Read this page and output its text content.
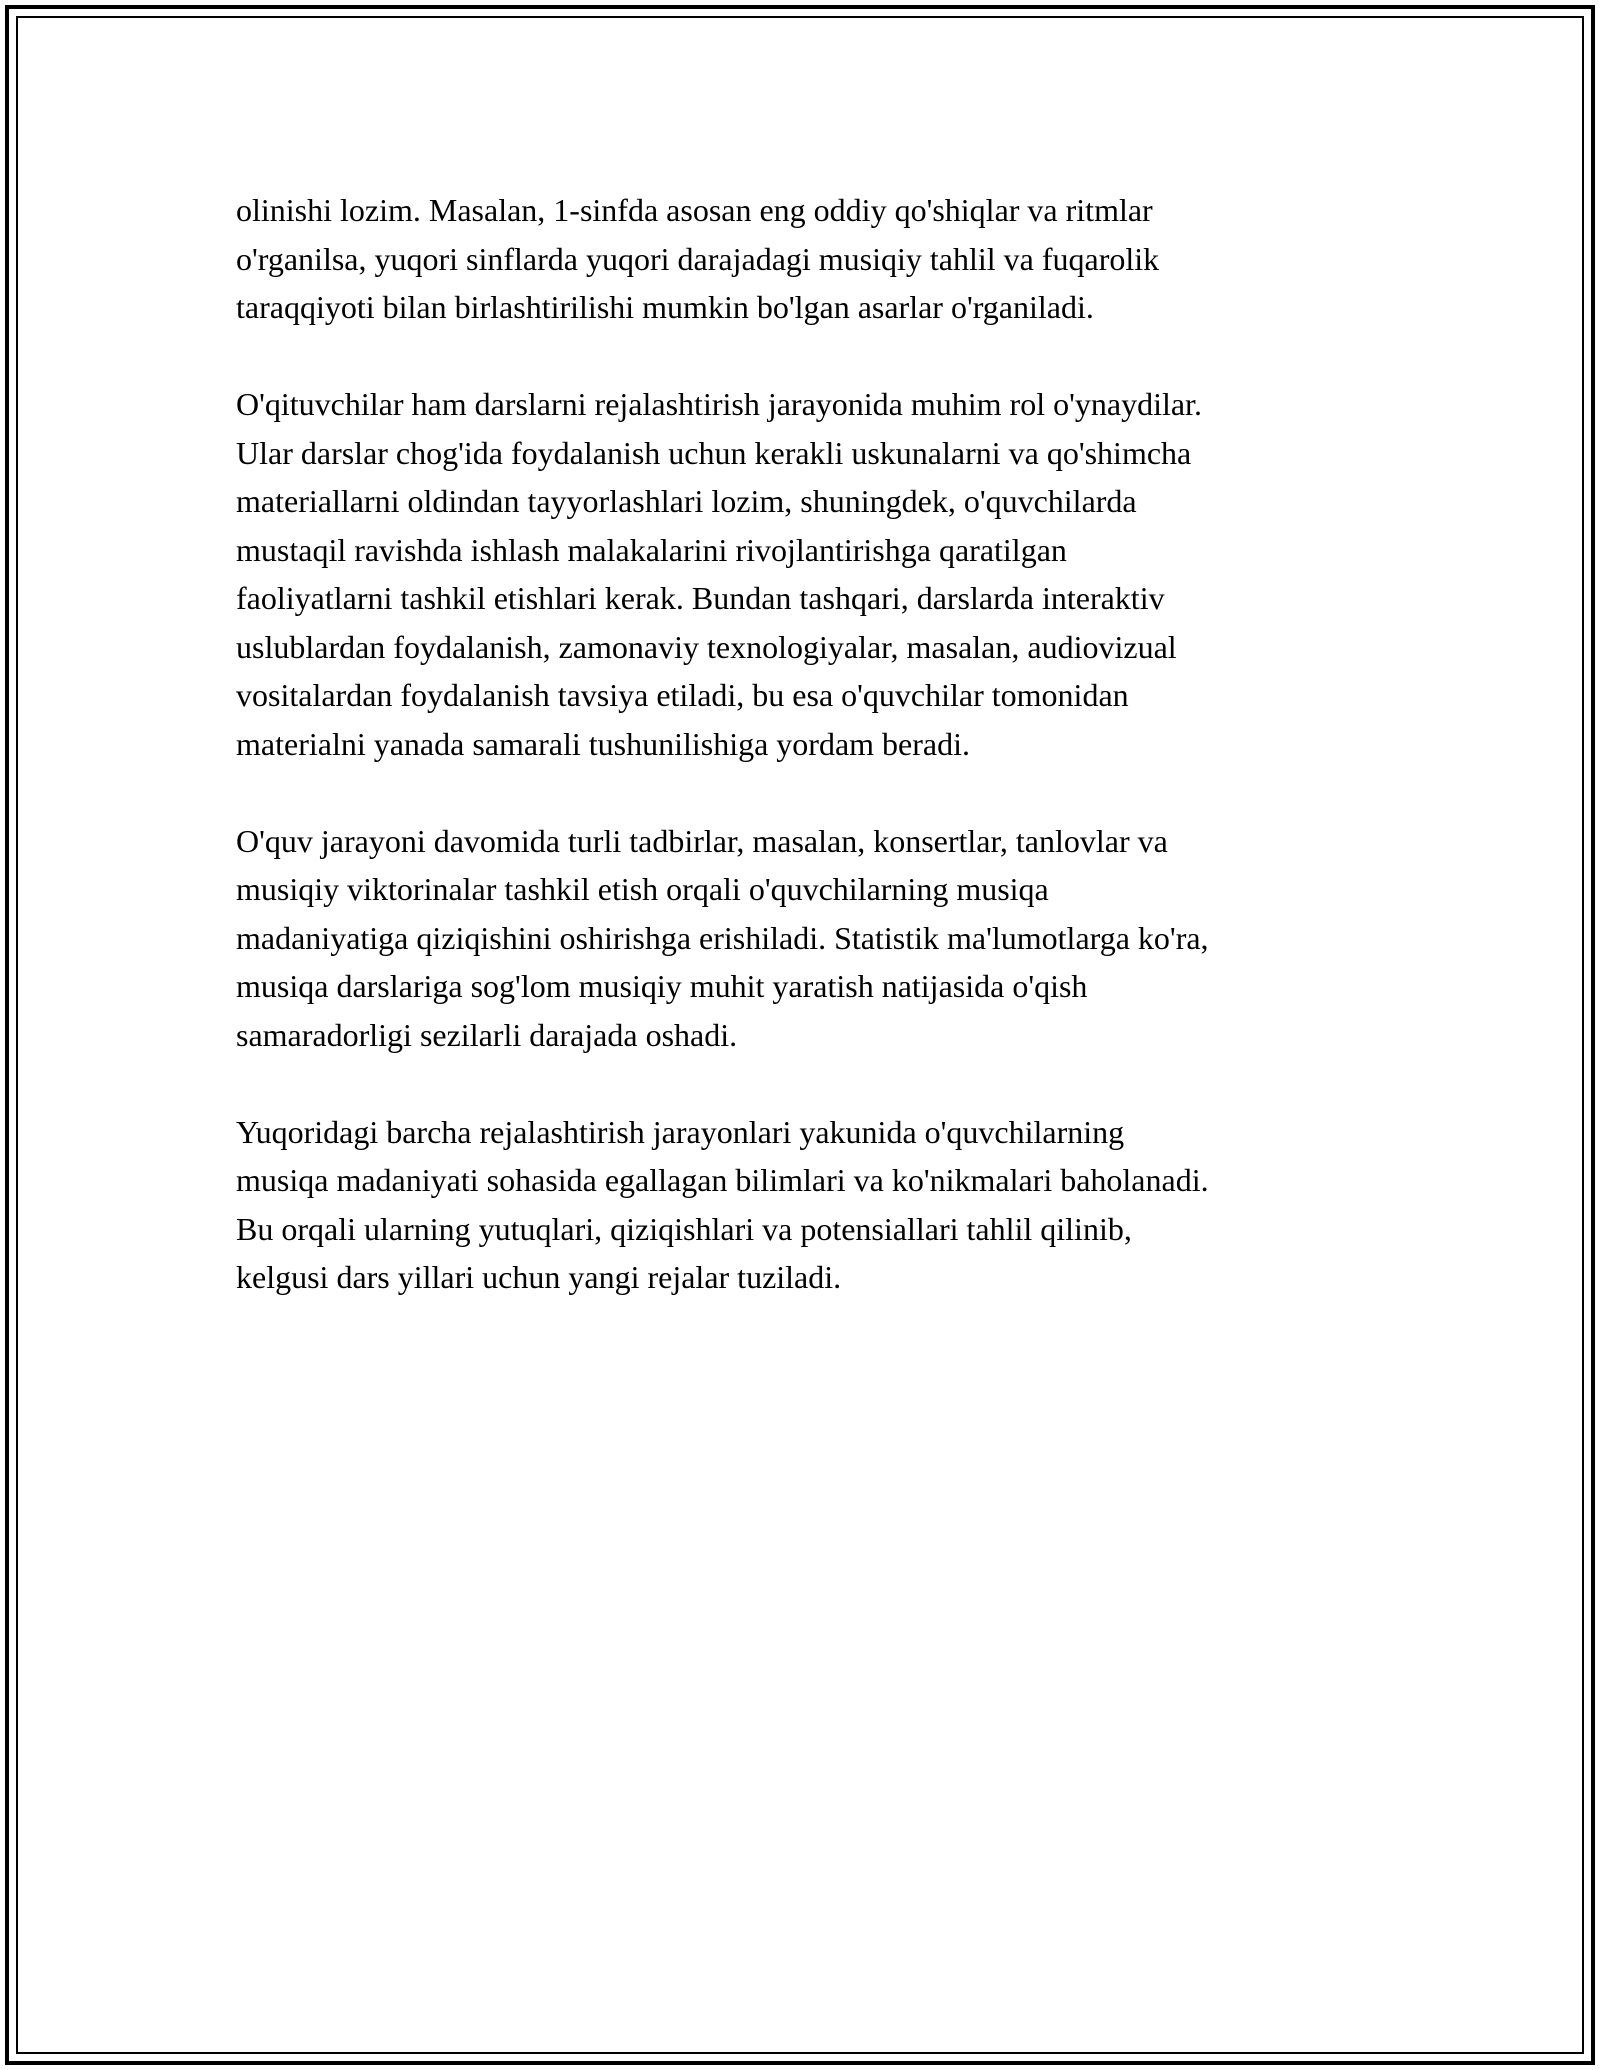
olinishi lozim. Masalan, 1-sinfda asosan eng oddiy qo'shiqlar va ritmlar
o'rganilsa, yuqori sinflarda yuqori darajadagi musiqiy tahlil va fuqarolik
taraqqiyoti bilan birlashtirilishi mumkin bo'lgan asarlar o'rganiladi.

O'qituvchilar ham darslarni rejalashtirish jarayonida muhim rol o'ynaydilar.
Ular darslar chog'ida foydalanish uchun kerakli uskunalarni va qo'shimcha
materiallarni oldindan tayyorlashlari lozim, shuningdek, o'quvchilarda
mustaqil ravishda ishlash malakalarini rivojlantirishga qaratilgan
faoliyatlarni tashkil etishlari kerak. Bundan tashqari, darslarda interaktiv
uslublardan foydalanish, zamonaviy texnologiyalar, masalan, audiovizual
vositalardan foydalanish tavsiya etiladi, bu esa o'quvchilar tomonidan
materialni yanada samarali tushunilishiga yordam beradi.

O'quv jarayoni davomida turli tadbirlar, masalan, konsertlar, tanlovlar va
musiqiy viktorinalar tashkil etish orqali o'quvchilarning musiqa
madaniyatiga qiziqishini oshirishga erishiladi. Statistik ma'lumotlarga ko'ra,
musiqa darslariga sog'lom musiqiy muhit yaratish natijasida o'qish
samaradorligi sezilarli darajada oshadi.

Yuqoridagi barcha rejalashtirish jarayonlari yakunida o'quvchilarning
musiqa madaniyati sohasida egallagan bilimlari va ko'nikmalari baholanadi.
Bu orqali ularning yutuqlari, qiziqishlari va potensiallari tahlil qilinib,
kelgusi dars yillari uchun yangi rejalar tuziladi.
